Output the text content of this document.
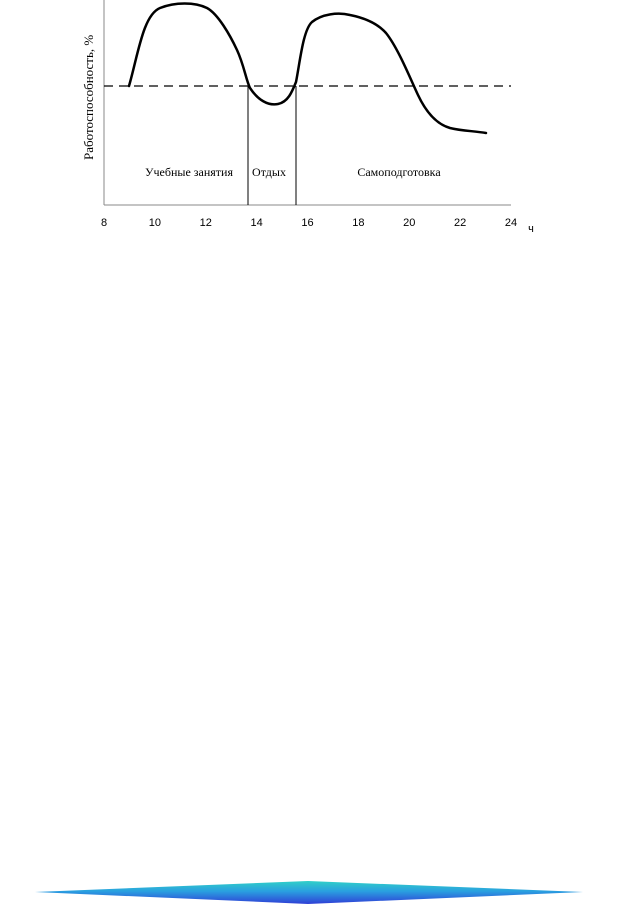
Работоспособность, %
Учебные занятия Отдых	Самоподготовка
8	10	12	14	16	18	20	22	24 ч
